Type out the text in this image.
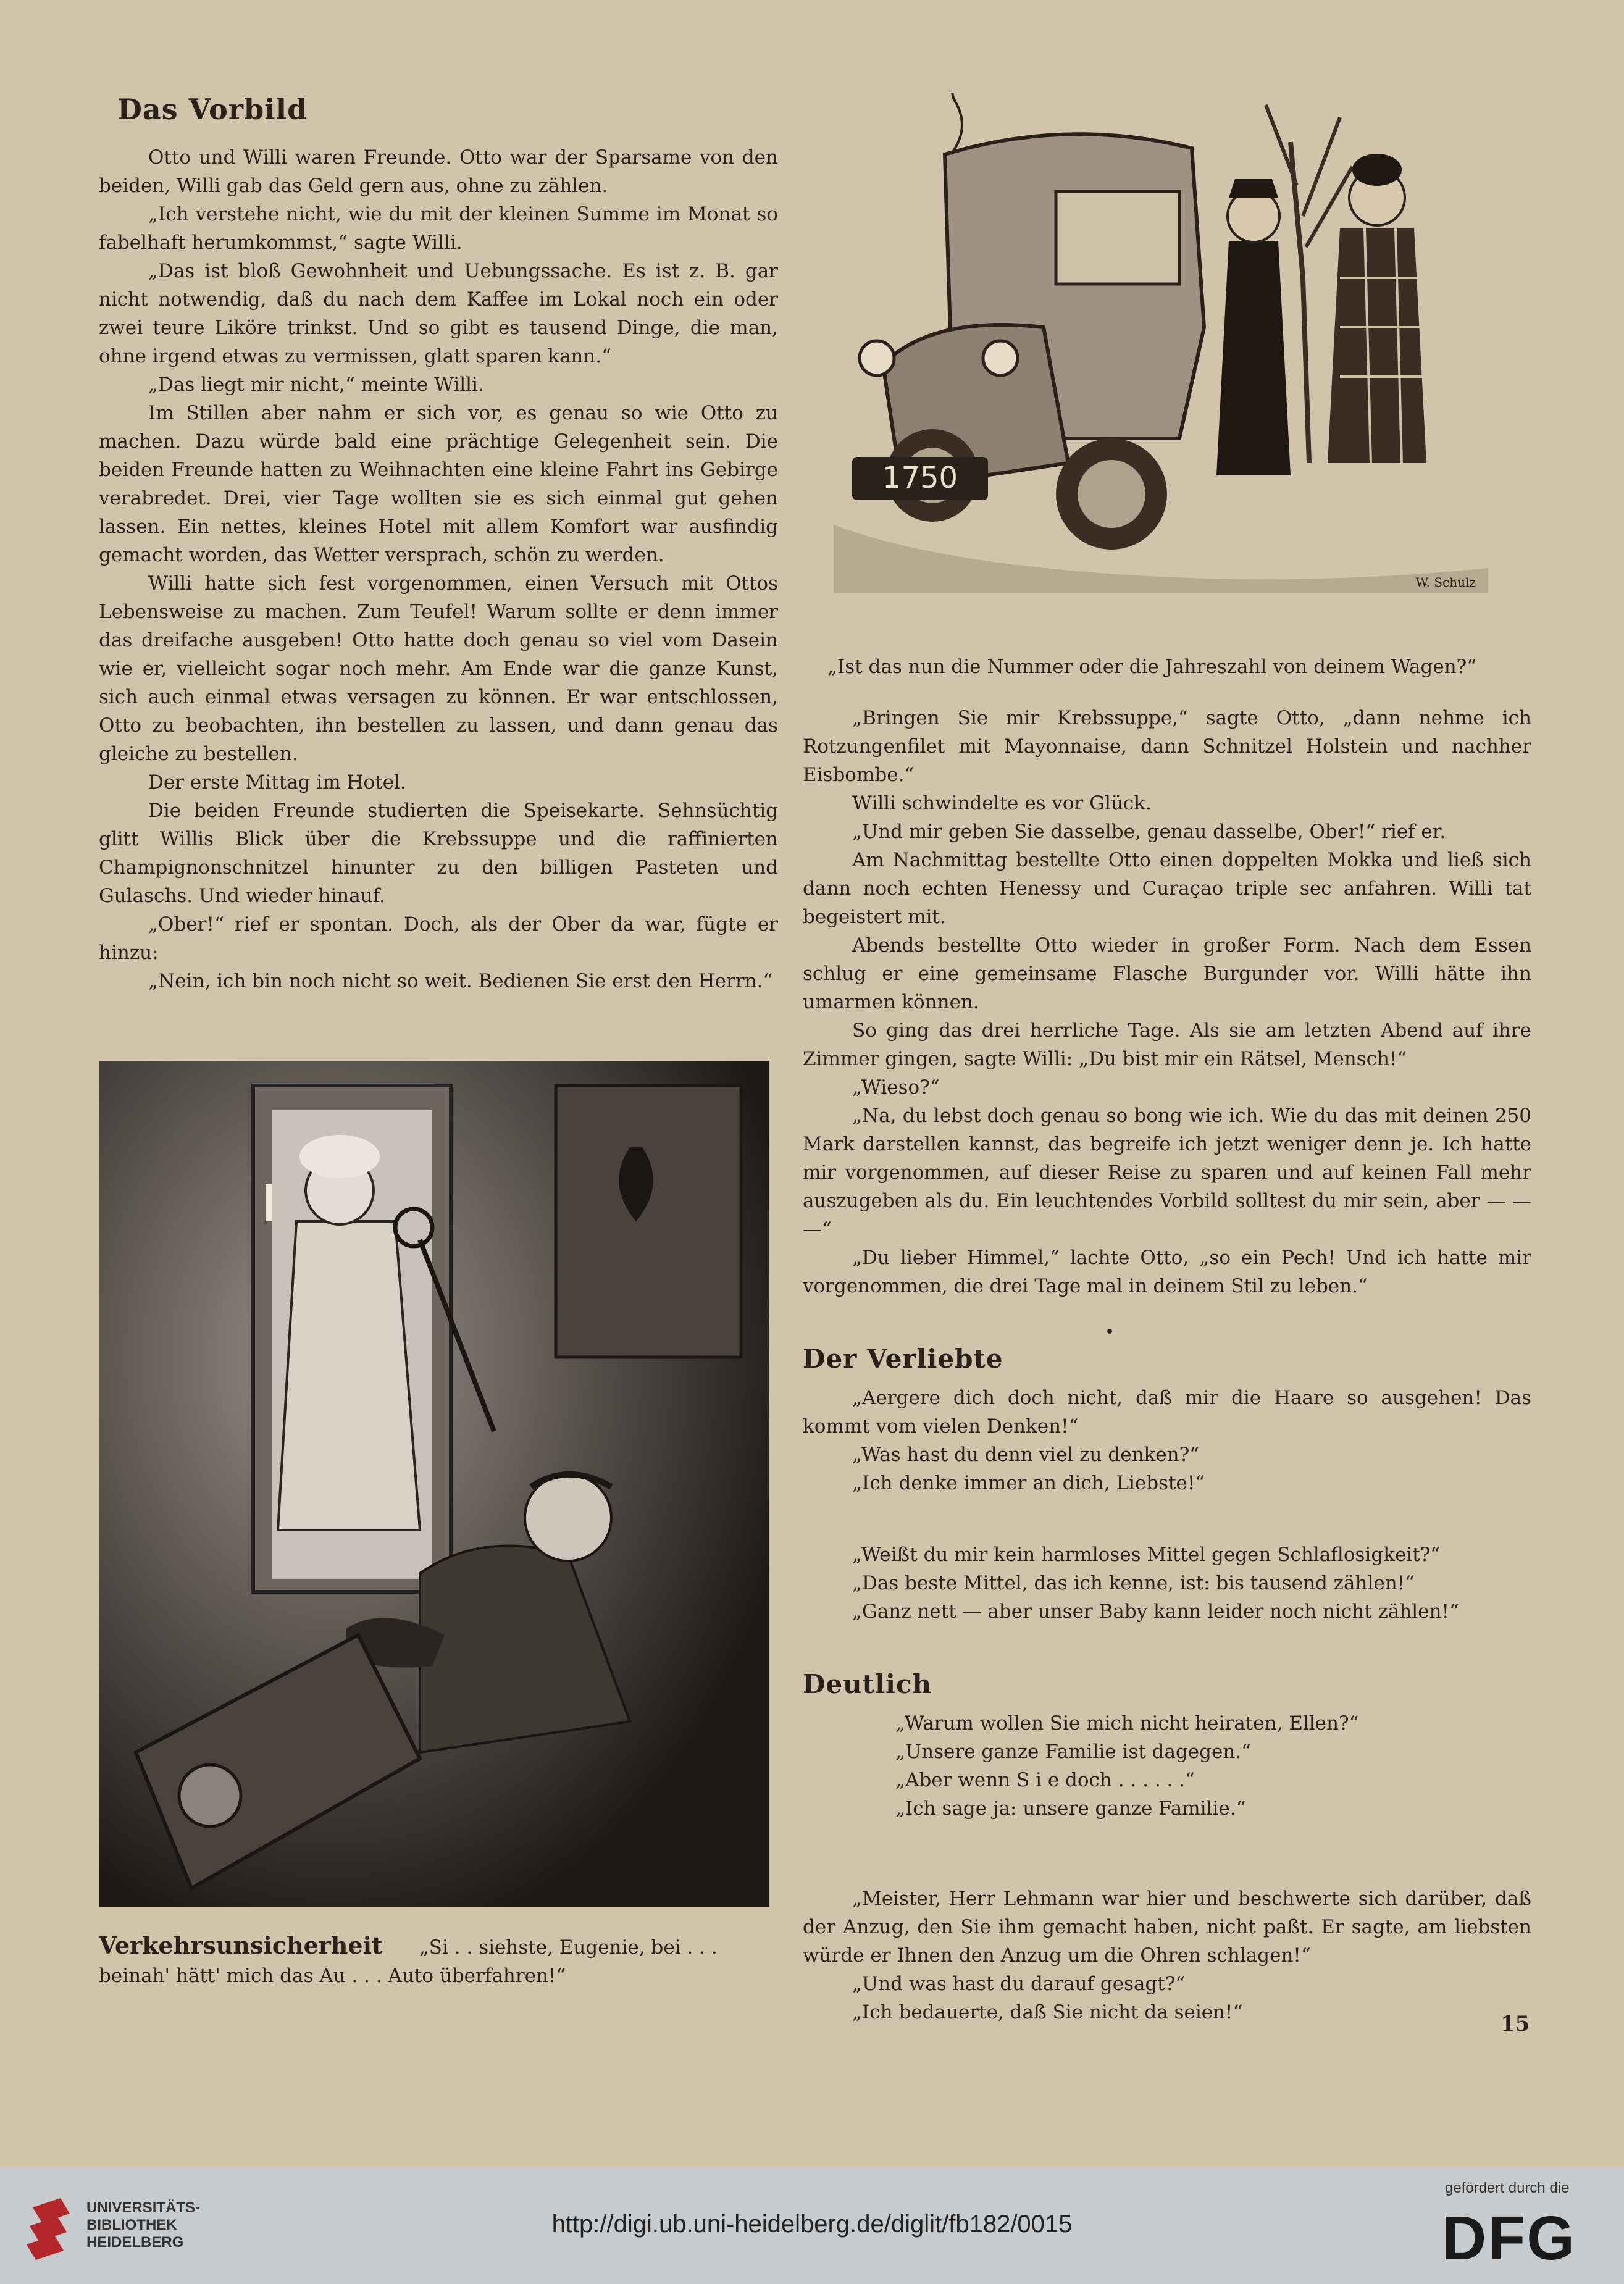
Das Vorbild

Otto und Willi waren Freunde. Otto war der Sparsame von den beiden, Willi gab das Geld gern aus, ohne zu zählen.

„Ich verstehe nicht, wie du mit der kleinen Summe im Monat so fabelhaft herumkommst,“ sagte Willi.

„Das ist bloß Gewohnheit und Uebungssache. Es ist z. B. gar nicht notwendig, daß du nach dem Kaffee im Lokal noch ein oder zwei teure Liköre trinkst. Und so gibt es tausend Dinge, die man, ohne irgend etwas zu vermissen, glatt sparen kann.“

„Das liegt mir nicht,“ meinte Willi.

Im Stillen aber nahm er sich vor, es genau so wie Otto zu machen. Dazu würde bald eine prächtige Gelegenheit sein. Die beiden Freunde hatten zu Weihnachten eine kleine Fahrt ins Gebirge verabredet. Drei, vier Tage wollten sie es sich einmal gut gehen lassen. Ein nettes, kleines Hotel mit allem Komfort war ausfindig gemacht worden, das Wetter versprach, schön zu werden.

Willi hatte sich fest vorgenommen, einen Versuch mit Ottos Lebensweise zu machen. Zum Teufel! Warum sollte er denn immer das dreifache ausgeben! Otto hatte doch genau so viel vom Dasein wie er, vielleicht sogar noch mehr. Am Ende war die ganze Kunst, sich auch einmal etwas versagen zu können. Er war entschlossen, Otto zu beobachten, ihn bestellen zu lassen, und dann genau das gleiche zu bestellen.

Der erste Mittag im Hotel.

Die beiden Freunde studierten die Speisekarte. Sehnsüchtig glitt Willis Blick über die Krebssuppe und die raffinierten Champignonschnitzel hinunter zu den billigen Pasteten und Gulaschs. Und wieder hinauf.

„Ober!“ rief er spontan. Doch, als der Ober da war, fügte er hinzu:

„Nein, ich bin noch nicht so weit. Bedienen Sie erst den Herrn.“

1750
W. Schulz
„Ist das nun die Nummer oder die Jahreszahl von deinem Wagen?“
Verkehrsunsicherheit „Si . . siehste, Eugenie, bei . . . beinah' hätt' mich das Au . . . Auto überfahren!“

„Bringen Sie mir Krebssuppe,“ sagte Otto, „dann nehme ich Rotzungenfilet mit Mayonnaise, dann Schnitzel Holstein und nachher Eisbombe.“

Willi schwindelte es vor Glück.

„Und mir geben Sie dasselbe, genau dasselbe, Ober!“ rief er.

Am Nachmittag bestellte Otto einen doppelten Mokka und ließ sich dann noch echten Henessy und Curaçao triple sec anfahren. Willi tat begeistert mit.

Abends bestellte Otto wieder in großer Form. Nach dem Essen schlug er eine gemeinsame Flasche Burgunder vor. Willi hätte ihn umarmen können.

So ging das drei herrliche Tage. Als sie am letzten Abend auf ihre Zimmer gingen, sagte Willi: „Du bist mir ein Rätsel, Mensch!“

„Wieso?“

„Na, du lebst doch genau so bong wie ich. Wie du das mit deinen 250 Mark darstellen kannst, das begreife ich jetzt weniger denn je. Ich hatte mir vorgenommen, auf dieser Reise zu sparen und auf keinen Fall mehr auszugeben als du. Ein leuchtendes Vorbild solltest du mir sein, aber — — —“

„Du lieber Himmel,“ lachte Otto, „so ein Pech! Und ich hatte mir vorgenommen, die drei Tage mal in deinem Stil zu leben.“

Der Verliebte

„Aergere dich doch nicht, daß mir die Haare so ausgehen! Das kommt vom vielen Denken!“

„Was hast du denn viel zu denken?“

„Ich denke immer an dich, Liebste!“

„Weißt du mir kein harmloses Mittel gegen Schlaflosigkeit?“

„Das beste Mittel, das ich kenne, ist: bis tausend zählen!“

„Ganz nett — aber unser Baby kann leider noch nicht zählen!“

Deutlich

„Warum wollen Sie mich nicht heiraten, Ellen?“

„Unsere ganze Familie ist dagegen.“

„Aber wenn S i e doch . . . . . .“

„Ich sage ja: unsere ganze Familie.“

„Meister, Herr Lehmann war hier und beschwerte sich darüber, daß der Anzug, den Sie ihm gemacht haben, nicht paßt. Er sagte, am liebsten würde er Ihnen den Anzug um die Ohren schlagen!“

„Und was hast du darauf gesagt?“

„Ich bedauerte, daß Sie nicht da seien!“	15
UNIVERSITÄTS-
BIBLIOTHEK
HEIDELBERG
http://digi.ub.uni-heidelberg.de/diglit/fb182/0015
gefördert durch die
DFG
